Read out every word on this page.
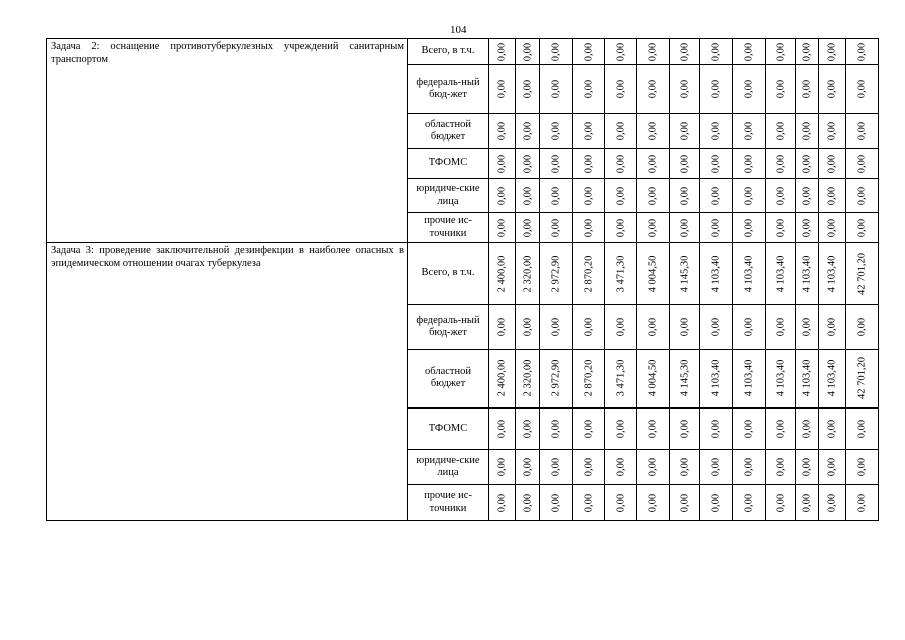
104
Задача 2: оснащение противотуберкулезных учреждений санитарным транспортом	Всего, в т.ч.	0,00	0,00	0,00	0,00	0,00	0,00	0,00	0,00	0,00	0,00	0,00	0,00	0,00

	федераль-ный бюд-жет	0,00	0,00	0,00	0,00	0,00	0,00	0,00	0,00	0,00	0,00	0,00	0,00	0,00

	областной бюджет	0,00	0,00	0,00	0,00	0,00	0,00	0,00	0,00	0,00	0,00	0,00	0,00	0,00

	ТФОМС	0,00	0,00	0,00	0,00	0,00	0,00	0,00	0,00	0,00	0,00	0,00	0,00	0,00

	юридиче-ские лица	0,00	0,00	0,00	0,00	0,00	0,00	0,00	0,00	0,00	0,00	0,00	0,00	0,00

	прочие ис-точники	0,00	0,00	0,00	0,00	0,00	0,00	0,00	0,00	0,00	0,00	0,00	0,00	0,00

Задача 3: проведение заключительной дезинфекции в наиболее опасных в эпидемическом отношении очагах туберкулеза	Всего, в т.ч.	2 400,00	2 320,00	2 972,90	2 870,20	3 471,30	4 004,50	4 145,30	4 103,40	4 103,40	4 103,40	4 103,40	4 103,40	42 701,20

	федераль-ный бюд-жет	0,00	0,00	0,00	0,00	0,00	0,00	0,00	0,00	0,00	0,00	0,00	0,00	0,00

	областной бюджет	2 400,00	2 320,00	2 972,90	2 870,20	3 471,30	4 004,50	4 145,30	4 103,40	4 103,40	4 103,40	4 103,40	4 103,40	42 701,20

	ТФОМС	0,00	0,00	0,00	0,00	0,00	0,00	0,00	0,00	0,00	0,00	0,00	0,00	0,00

	юридиче-ские лица	0,00	0,00	0,00	0,00	0,00	0,00	0,00	0,00	0,00	0,00	0,00	0,00	0,00

	прочие ис-точники	0,00	0,00	0,00	0,00	0,00	0,00	0,00	0,00	0,00	0,00	0,00	0,00	0,00
